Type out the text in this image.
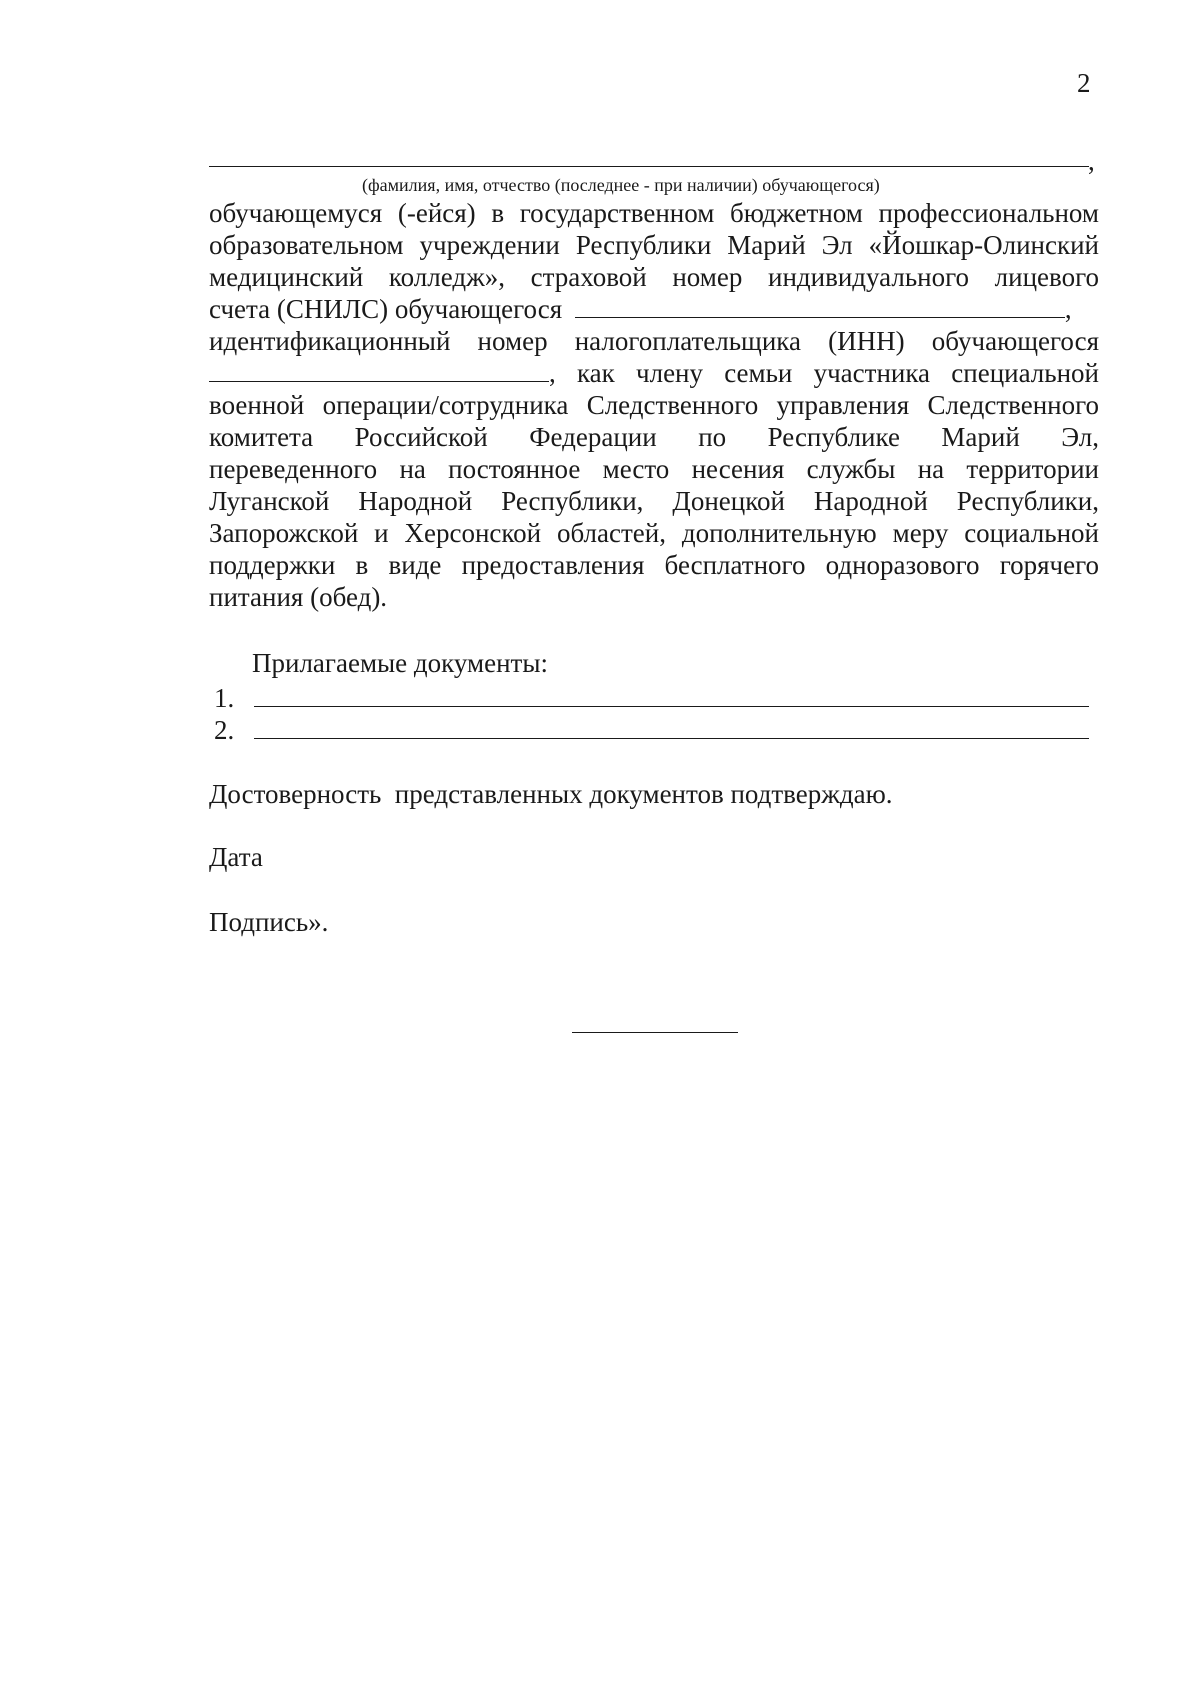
2
,
(фамилия, имя, отчество (последнее - при наличии) обучающегося)
обучающемуся (-ейся) в государственном бюджетном профессиональном
образовательном учреждении Республики Марий Эл «Йошкар-Олинский
медицинский колледж», страховой номер индивидуального лицевого
счета (СНИЛС) обучающегося	,
идентификационный номер налогоплательщика (ИНН) обучающегося
, как члену семьи участника специальной
военной операции/сотрудника Следственного управления Следственного
комитета Российской Федерации по Республике Марий Эл,
переведенного на постоянное место несения службы на территории
Луганской Народной Республики, Донецкой Народной Республики,
Запорожской и Херсонской областей, дополнительную меру социальной
поддержки в виде предоставления бесплатного одноразового горячего
питания (обед).
Прилагаемые документы:
1.
2.
Достоверность  представленных документов подтверждаю.
Дата
Подпись».
